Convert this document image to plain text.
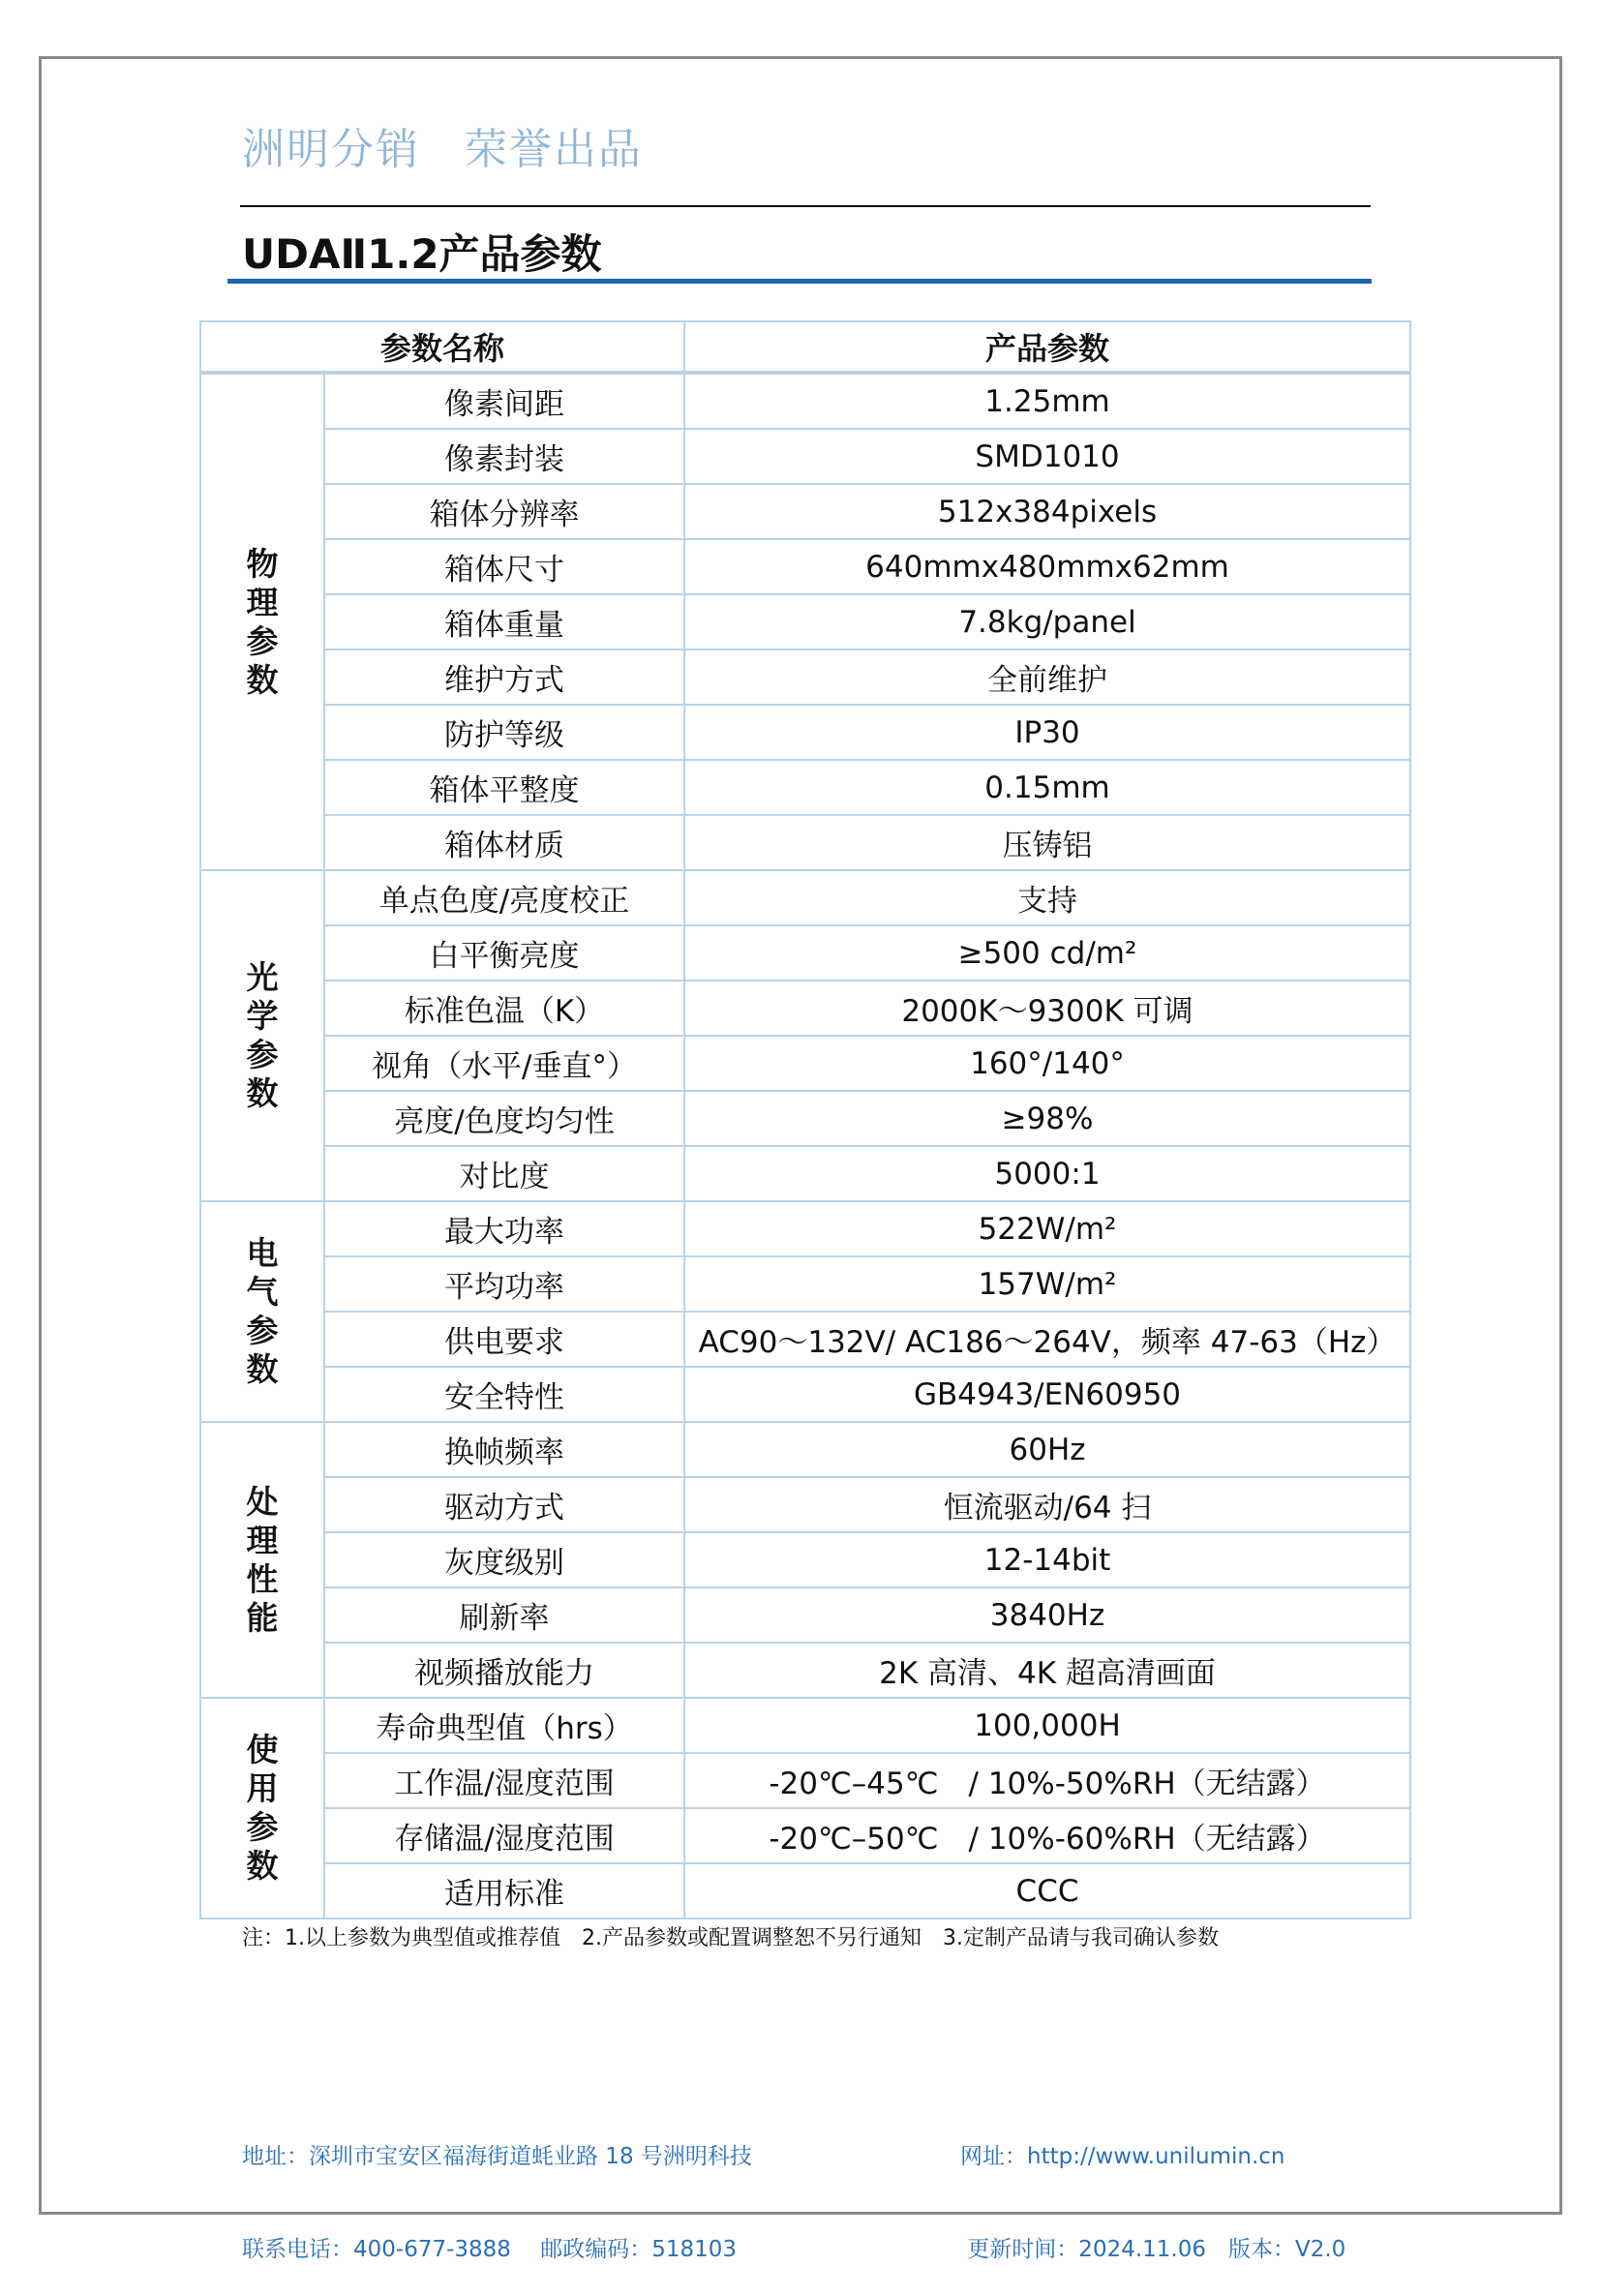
洲明分销　荣誉出品
UDAⅡ1.2产品参数
参数名称		产品参数

物
理
参
数	像素间距	1.25mm
	像素封装	SMD1010
	箱体分辨率	512x384pixels
	箱体尺寸	640mmx480mmx62mm
	箱体重量	7.8kg/panel
	维护方式	全前维护
	防护等级	IP30
	箱体平整度	0.15mm
	箱体材质	压铸铝

光
学
参
数	单点色度/亮度校正	支持
	白平衡亮度	≥500 cd/m²
	标准色温（K）	2000K～9300K 可调
	视角（水平/垂直°）	160°/140°
	亮度/色度均匀性	≥98%
	对比度	5000:1

电
气
参
数	最大功率	522W/m²
	平均功率	157W/m²
	供电要求	AC90～132V/ AC186～264V，频率 47-63（Hz）
	安全特性	GB4943/EN60950

处
理
性
能	换帧频率	60Hz
	驱动方式	恒流驱动/64 扫
	灰度级别	12-14bit
	刷新率	3840Hz
	视频播放能力	2K 高清、4K 超高清画面

使
用
参
数	寿命典型值（hrs）	100,000H
	工作温/湿度范围	-20℃–45℃　/ 10%-50%RH（无结露）
	存储温/湿度范围	-20℃–50℃　/ 10%-60%RH（无结露）
	适用标准	CCC
注：1.以上参数为典型值或推荐值　2.产品参数或配置调整恕不另行通知　3.定制产品请与我司确认参数

地址：深圳市宝安区福海街道蚝业路 18 号洲明科技

联系电话：400-677-3888　 邮政编码：518103

网址：http://www.unilumin.cn

更新时间：2024.11.06　版本：V2.0
